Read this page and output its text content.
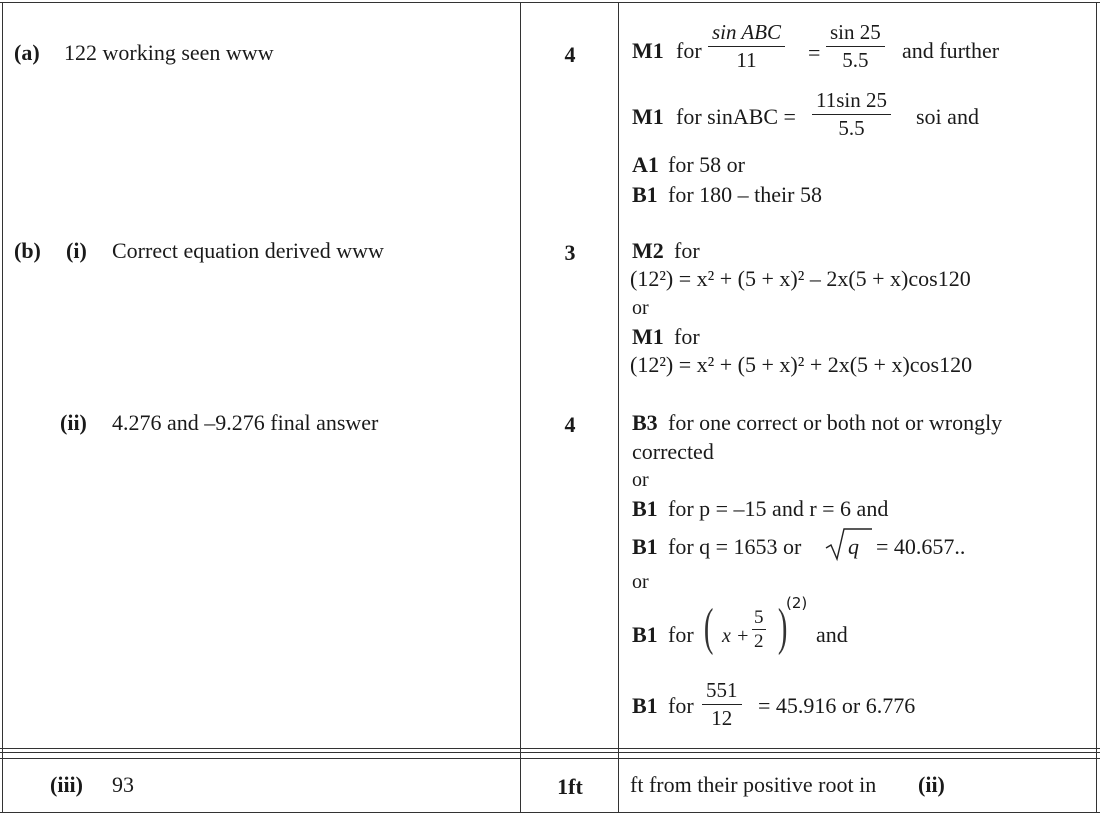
(a) 122 working seen www	4	M1 for
sin ABC
11	= $\frac{\sin 25}{5.5}$ and further
M1 for sinABC = $\frac{11\sin 25}{5.5}$ soi and
A1 for 58 or
B1 for 180 – their 58
(b) (i) Correct equation derived www	3	M2 for
(12²) = x² + (5 + x)² – 2x(5 + x)cos120
or
M1 for
(12²) = x² + (5 + x)² + 2x(5 + x)cos120
(ii) 4.276 and –9.276 final answer	4	B3 for one correct or both not or wrongly
corrected
or
B1 for p = –15 and r = 6 and
B1 for q = 1653 or q = 40.657..
or
B1 for ( $x + \frac{5}{2}$ )
(2)
and
B1 for $\frac{551}{12} = 45.916$ or 6.776
(iii) 93	1ft	ft from their positive root in (ii)
